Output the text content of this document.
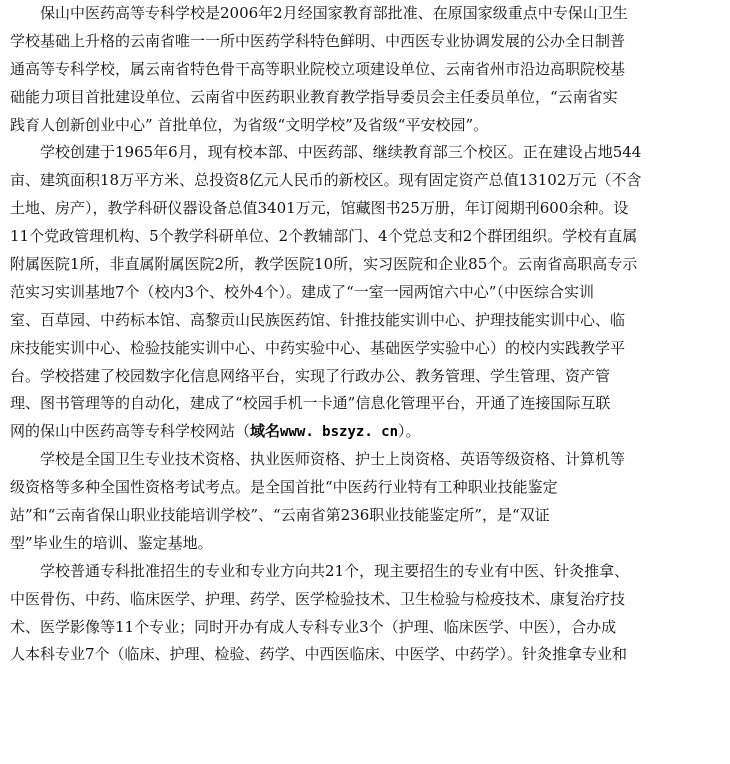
保山中医药高等专科学校是2006年2月经国家教育部批准、在原国家级重点中专保山卫生

学校基础上升格的云南省唯一一所中医药学科特色鲜明、中西医专业协调发展的公办全日制普

通高等专科学校，属云南省特色骨干高等职业院校立项建设单位、云南省州市沿边高职院校基

础能力项目首批建设单位、云南省中医药职业教育教学指导委员会主任委员单位，“云南省实

践育人创新创业中心” 首批单位，为省级“文明学校”及省级“平安校园”。

学校创建于1965年6月，现有校本部、中医药部、继续教育部三个校区。正在建设占地544

亩、建筑面积18万平方米、总投资8亿元人民币的新校区。现有固定资产总值13102万元（不含

土地、房产），教学科研仪器设备总值3401万元，馆藏图书25万册，年订阅期刊600余种。设

11个党政管理机构、5个教学科研单位、2个教辅部门、4个党总支和2个群团组织。学校有直属

附属医院1所，非直属附属医院2所，教学医院10所，实习医院和企业85个。云南省高职高专示

范实习实训基地7个（校内3个、校外4个）。建成了“一室一园两馆六中心”（中医综合实训

室、百草园、中药标本馆、高黎贡山民族医药馆、针推技能实训中心、护理技能实训中心、临

床技能实训中心、检验技能实训中心、中药实验中心、基础医学实验中心）的校内实践教学平

台。学校搭建了校园数字化信息网络平台，实现了行政办公、教务管理、学生管理、资产管

理、图书管理等的自动化，建成了“校园手机一卡通”信息化管理平台，开通了连接国际互联

网的保山中医药高等专科学校网站（域名www. bszyz. cn）。

学校是全国卫生专业技术资格、执业医师资格、护士上岗资格、英语等级资格、计算机等

级资格等多种全国性资格考试考点。是全国首批“中医药行业特有工种职业技能鉴定

站”和“云南省保山职业技能培训学校”、“云南省第236职业技能鉴定所”，是“双证

型”毕业生的培训、鉴定基地。

学校普通专科批准招生的专业和专业方向共21个，现主要招生的专业有中医、针灸推拿、

中医骨伤、中药、临床医学、护理、药学、医学检验技术、卫生检验与检疫技术、康复治疗技

术、医学影像等11个专业；同时开办有成人专科专业3个（护理、临床医学、中医），合办成

人本科专业7个（临床、护理、检验、药学、中西医临床、中医学、中药学）。针灸推拿专业和
